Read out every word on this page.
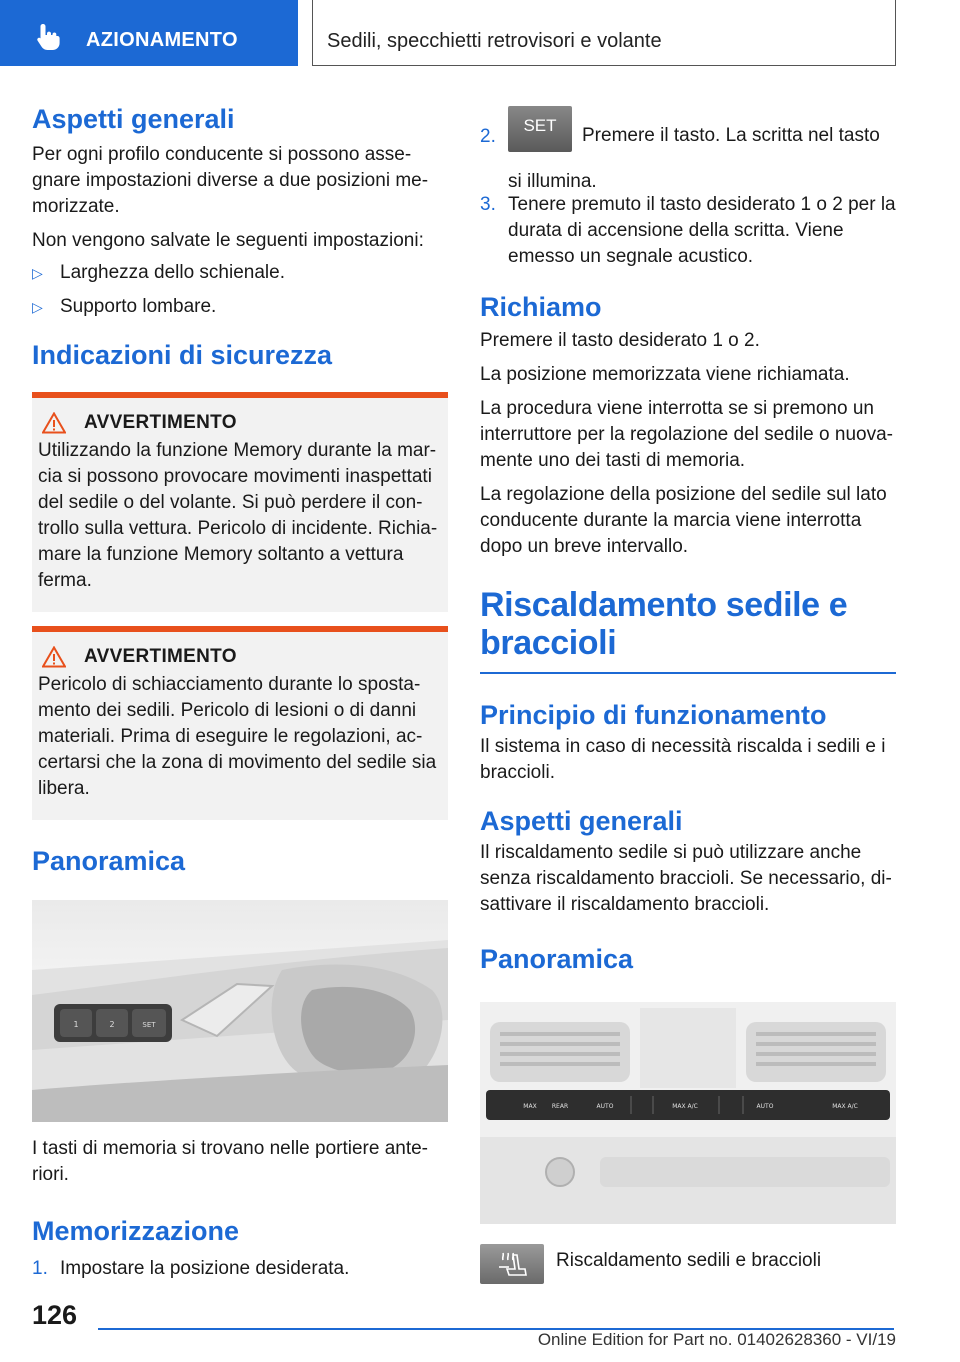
AZIONAMENTO	Sedili, specchietti retrovisori e volante
Aspetti generali

Per ogni profilo conducente si possono asse-gnare impostazioni diverse a due posizioni me-morizzate.

Non vengono salvate le seguenti impostazioni:

▷ Larghezza dello schienale.
▷ Supporto lombare.
Indicazioni di sicurezza
AVVERTIMENTO

Utilizzando la funzione Memory durante la mar-cia si possono provocare movimenti inaspettati del sedile o del volante. Si può perdere il con-trollo sulla vettura. Pericolo di incidente. Richia-mare la funzione Memory soltanto a vettura ferma.

AVVERTIMENTO

Pericolo di schiacciamento durante lo sposta-mento dei sedili. Pericolo di lesioni o di danni materiali. Prima di eseguire le regolazioni, ac-certarsi che la zona di movimento del sedile sia libera.

Panoramica
1	2	SET

I tasti di memoria si trovano nelle portiere ante-riori.

Memorizzazione
1. Impostare la posizione desiderata.
2.
SET Premere il tasto. La scritta nel tasto si illumina.
3. Tenere premuto il tasto desiderato 1 o 2 per la durata di accensione della scritta. Viene emesso un segnale acustico.
Richiamo

Premere il tasto desiderato 1 o 2.

La posizione memorizzata viene richiamata.

La procedura viene interrotta se si premono un interruttore per la regolazione del sedile o nuova-mente uno dei tasti di memoria.

La regolazione della posizione del sedile sul lato conducente durante la marcia viene interrotta dopo un breve intervallo.

Riscaldamento sedile e braccioli
Principio di funzionamento

Il sistema in caso di necessità riscalda i sedili e i braccioli.

Aspetti generali

Il riscaldamento sedile si può utilizzare anche senza riscaldamento braccioli. Se necessario, di-sattivare il riscaldamento braccioli.

Panoramica
MAX	REAR	AUTO	MAX A/C	AUTO	MAX A/C

Riscaldamento sedili e braccioli

126
Online Edition for Part no. 01402628360 - VI/19
